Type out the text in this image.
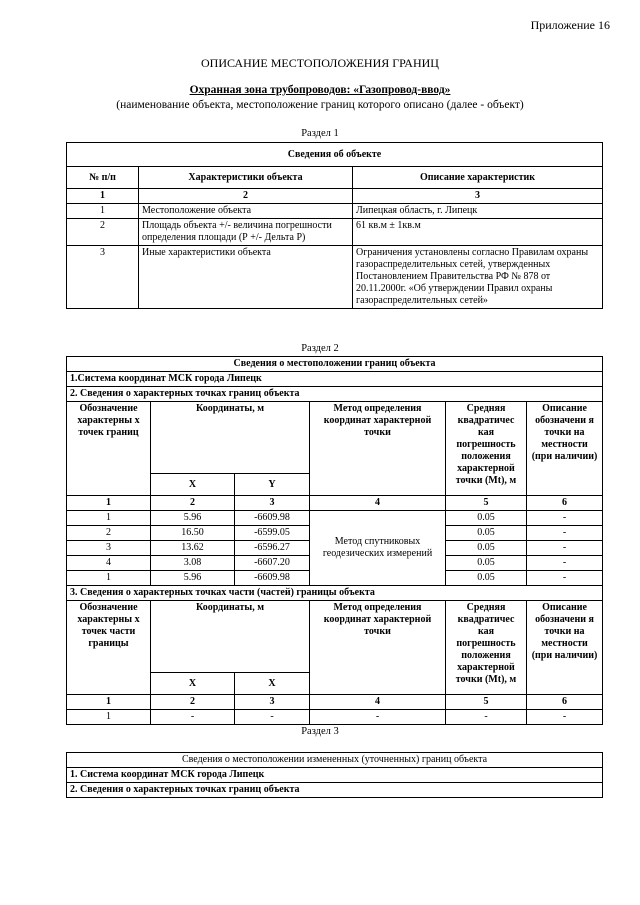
Приложение 16
ОПИСАНИЕ МЕСТОПОЛОЖЕНИЯ ГРАНИЦ
Охранная зона трубопроводов: «Газопровод-ввод»
(наименование объекта, местоположение границ которого описано (далее - объект)
Раздел 1
Сведения об объекте		
№ п/п	Характеристики объекта	Описание характеристик
1	2	3
1	Местоположение объекта	Липецкая область, г. Липецк
2	Площадь объекта +/- величина погрешности определения площади (Р +/- Дельта Р)	61 кв.м ± 1кв.м
3	Иные характеристики объекта	Ограничения установлены согласно Правилам охраны газораспределительных сетей, утвержденных Постановлением Правительства РФ № 878 от 20.11.2000г. «Об утверждении Правил охраны газораспределительных сетей»
Раздел 2
Сведения о местоположении границ объекта					
1.Система координат МСК города Липецк					
2. Сведения о характерных точках границ объекта					
Обозначение характерны х точек границ	Координаты, м		Метод определения координат характерной точки	Средняя квадратичес кая погрешность положения характерной точки (Mt), м	Описание обозначени я точки на местности (при наличии)
	X	Y			
1	2	3	4	5	6
1	5.96	-6609.98	Метод спутниковых геодезических измерений	0.05	-
2	16.50	-6599.05		0.05	-
3	13.62	-6596.27		0.05	-
4	3.08	-6607.20		0.05	-
1	5.96	-6609.98		0.05	-
3. Сведения о характерных точках части (частей) границы объекта					
Обозначение характерны х точек части границы	Координаты, м		Метод определения координат характерной точки	Средняя квадратичес кая погрешность положения характерной точки (Mt), м	Описание обозначени я точки на местности (при наличии)
	X	X			
1	2	3	4	5	6
1	-	-	-	-	-
Раздел 3
Сведения о местоположении измененных (уточненных) границ объекта
1. Система координат МСК города Липецк
2. Сведения о характерных точках границ объекта
